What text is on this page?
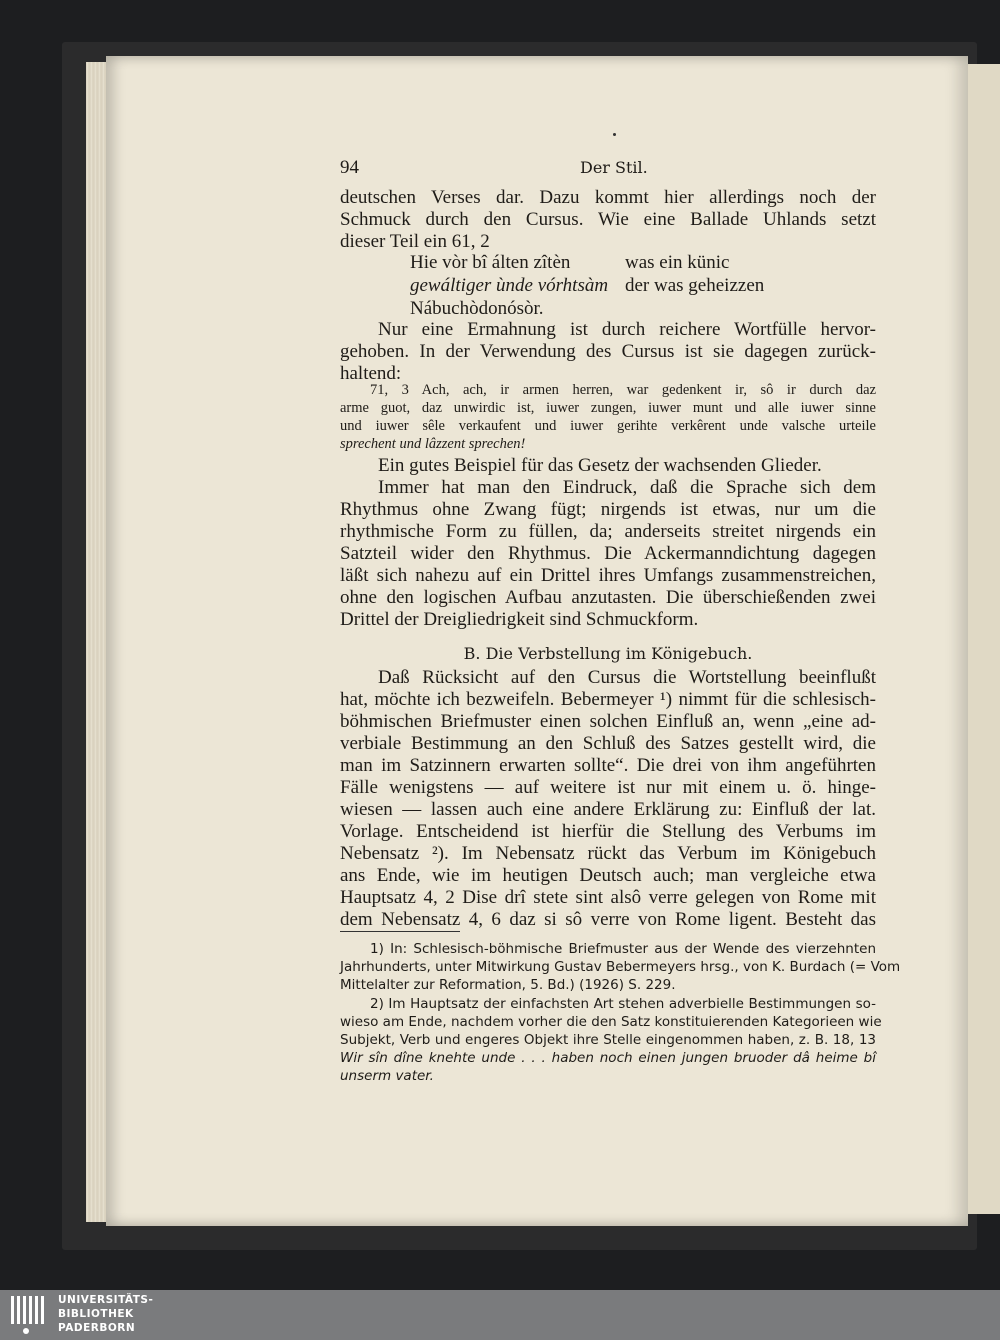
94	Der Stil.
deutschen Verses dar. Dazu kommt hier allerdings noch der
Schmuck durch den Cursus. Wie eine Ballade Uhlands setzt
dieser Teil ein 61, 2
Hie vòr bî álten zîtèn	was ein künic
gewáltiger ùnde vórhtsàm der was geheizzen
Nábuchòdonósòr.
Nur eine Ermahnung ist durch reichere Wortfülle hervor-
gehoben. In der Verwendung des Cursus ist sie dagegen zurück-
haltend:
71, 3 Ach, ach, ir armen herren, war gedenkent ir, sô ir durch daz
arme guot, daz unwirdic ist, iuwer zungen, iuwer munt und alle iuwer sinne
und iuwer sêle verkaufent und iuwer gerihte verkêrent unde valsche urteile
sprechent und lâzzent sprechen!
Ein gutes Beispiel für das Gesetz der wachsenden Glieder.
Immer hat man den Eindruck, daß die Sprache sich dem
Rhythmus ohne Zwang fügt; nirgends ist etwas, nur um die
rhythmische Form zu füllen, da; anderseits streitet nirgends ein
Satzteil wider den Rhythmus. Die Ackermanndichtung dagegen
läßt sich nahezu auf ein Drittel ihres Umfangs zusammenstreichen,
ohne den logischen Aufbau anzutasten. Die überschießenden zwei
Drittel der Dreigliedrigkeit sind Schmuckform.
B. Die Verbstellung im Königebuch.
Daß Rücksicht auf den Cursus die Wortstellung beeinflußt
hat, möchte ich bezweifeln. Bebermeyer ¹) nimmt für die schlesisch-
böhmischen Briefmuster einen solchen Einfluß an, wenn „eine ad-
verbiale Bestimmung an den Schluß des Satzes gestellt wird, die
man im Satzinnern erwarten sollte“. Die drei von ihm angeführten
Fälle wenigstens — auf weitere ist nur mit einem u. ö. hinge-
wiesen — lassen auch eine andere Erklärung zu: Einfluß der lat.
Vorlage. Entscheidend ist hierfür die Stellung des Verbums im
Nebensatz ²). Im Nebensatz rückt das Verbum im Königebuch
ans Ende, wie im heutigen Deutsch auch; man vergleiche etwa
Hauptsatz 4, 2 Dise drî stete sint alsô verre gelegen von Rome mit
dem Nebensatz 4, 6 daz si sô verre von Rome ligent. Besteht das
1) In: Schlesisch-böhmische Briefmuster aus der Wende des vierzehnten
Jahrhunderts, unter Mitwirkung Gustav Bebermeyers hrsg., von K. Burdach (= Vom
Mittelalter zur Reformation, 5. Bd.) (1926) S. 229.
2) Im Hauptsatz der einfachsten Art stehen adverbielle Bestimmungen so-
wieso am Ende, nachdem vorher die den Satz konstituierenden Kategorieen wie
Subjekt, Verb und engeres Objekt ihre Stelle eingenommen haben, z. B. 18, 13
Wir sîn dîne knehte unde . . . haben noch einen jungen bruoder dâ heime bî
unserm vater.
UNIVERSITÄTS-
BIBLIOTHEK
PADERBORN
